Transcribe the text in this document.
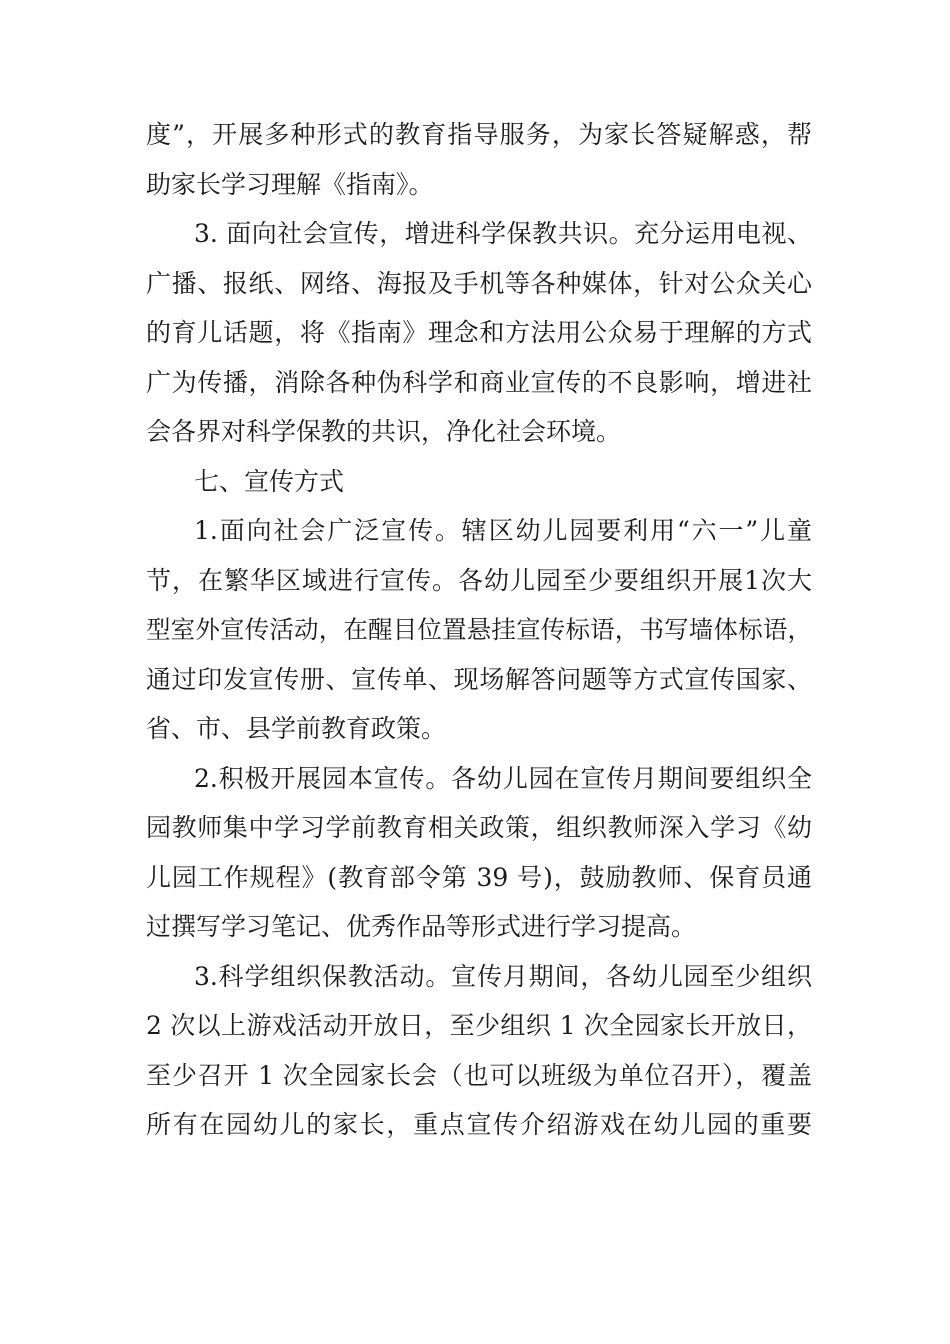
度”，开展多种形式的教育指导服务，为家长答疑解惑，帮
助家长学习理解《指南》。
3. 面向社会宣传，增进科学保教共识。充分运用电视、
广播、报纸、网络、海报及手机等各种媒体，针对公众关心
的育儿话题，将《指南》理念和方法用公众易于理解的方式
广为传播，消除各种伪科学和商业宣传的不良影响，增进社
会各界对科学保教的共识，净化社会环境。
七、宣传方式
1.面向社会广泛宣传。辖区幼儿园要利用“六一”儿童
节，在繁华区域进行宣传。各幼儿园至少要组织开展1次大
型室外宣传活动，在醒目位置悬挂宣传标语，书写墙体标语，
通过印发宣传册、宣传单、现场解答问题等方式宣传国家、
省、市、县学前教育政策。
2.积极开展园本宣传。各幼儿园在宣传月期间要组织全
园教师集中学习学前教育相关政策，组织教师深入学习《幼
儿园工作规程》(教育部令第 39 号)，鼓励教师、保育员通
过撰写学习笔记、优秀作品等形式进行学习提高。
3.科学组织保教活动。宣传月期间，各幼儿园至少组织
2 次以上游戏活动开放日，至少组织 1 次全园家长开放日，
至少召开 1 次全园家长会（也可以班级为单位召开），覆盖
所有在园幼儿的家长，重点宣传介绍游戏在幼儿园的重要
